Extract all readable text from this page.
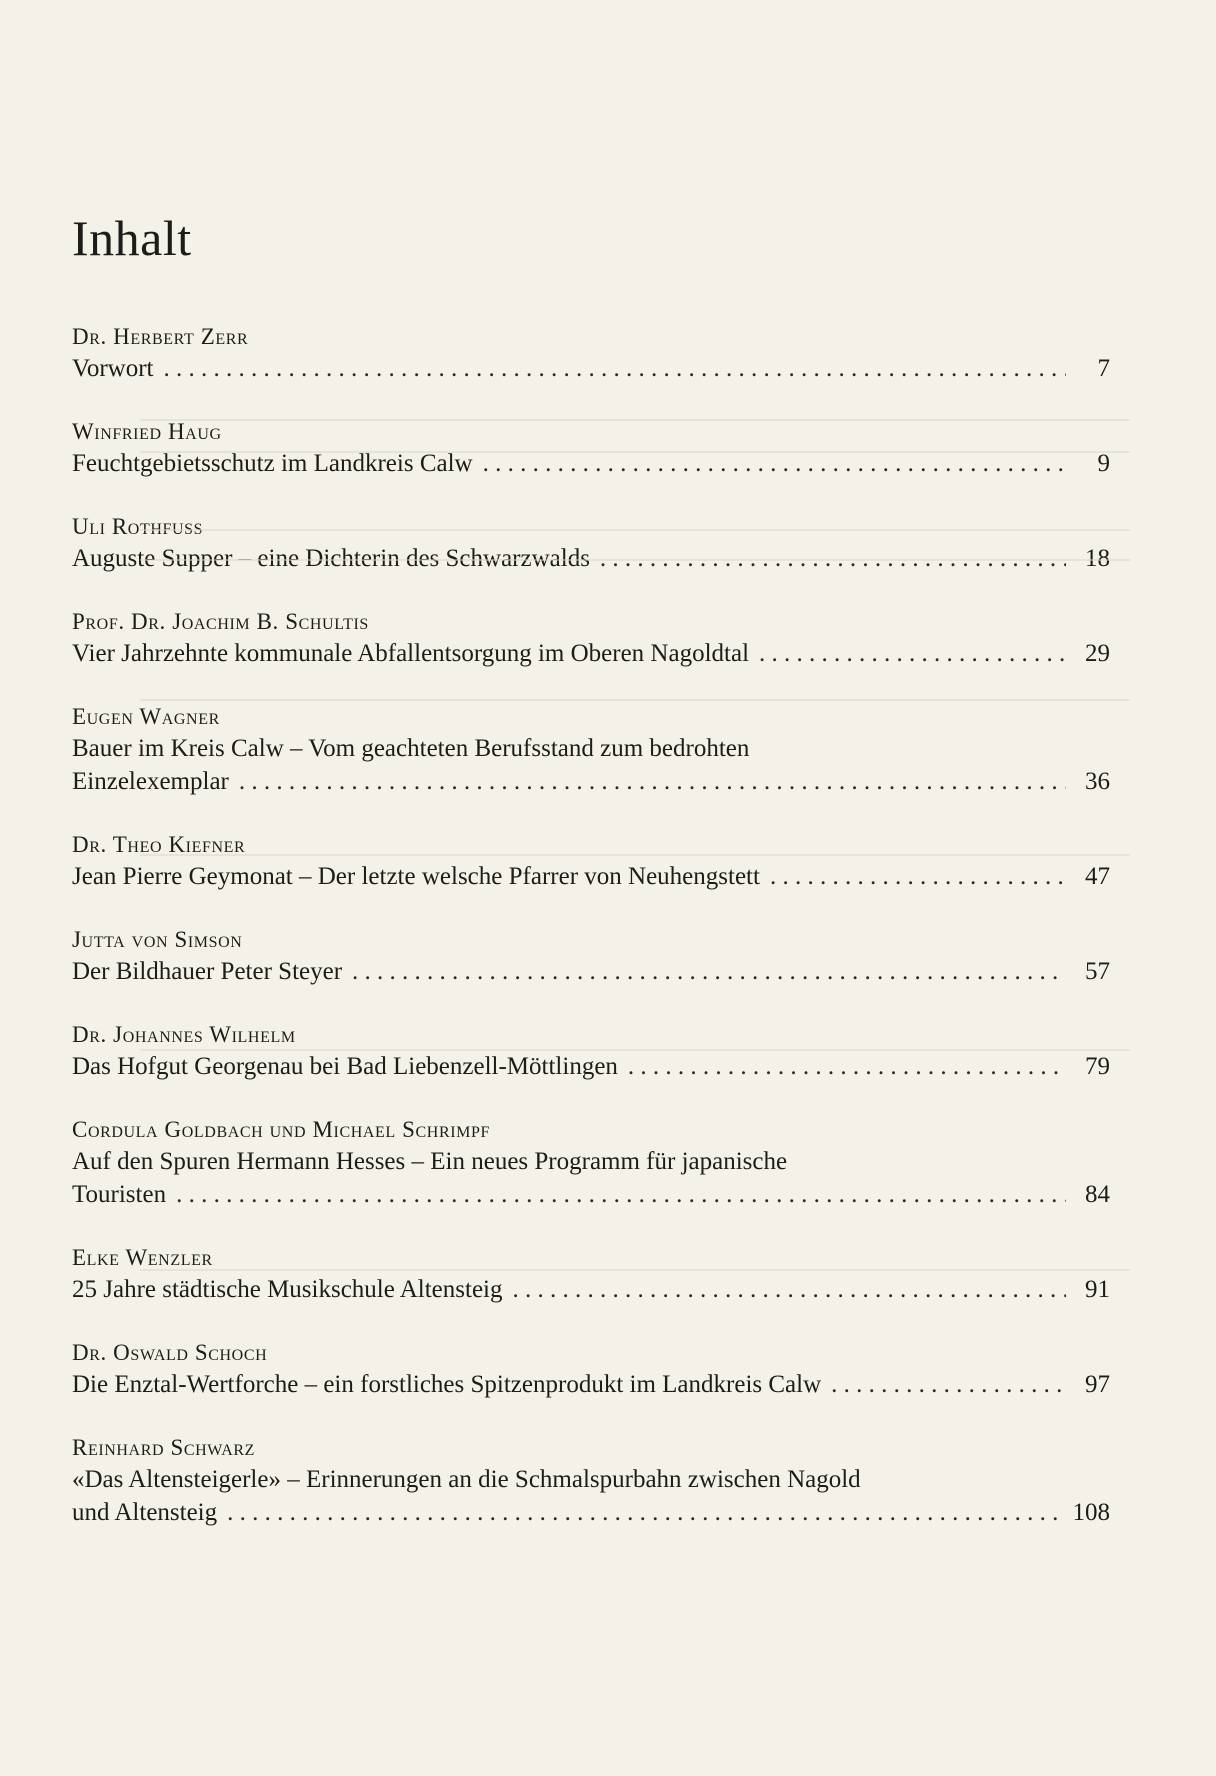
Inhalt
Dr. Herbert Zerr
Vorwort . . .	7
Winfried Haug
Feuchtgebietsschutz im Landkreis Calw . . .	9
Uli Rothfuss
Auguste Supper – eine Dichterin des Schwarzwalds . . .	18
Prof. Dr. Joachim B. Schultis
Vier Jahrzehnte kommunale Abfallentsorgung im Oberen Nagoldtal . . .	29
Eugen Wagner
Bauer im Kreis Calw – Vom geachteten Berufsstand zum bedrohten
Einzelexemplar . . .	36
Dr. Theo Kiefner
Jean Pierre Geymonat – Der letzte welsche Pfarrer von Neuhengstett . . .	47
Jutta von Simson
Der Bildhauer Peter Steyer . . .	57
Dr. Johannes Wilhelm
Das Hofgut Georgenau bei Bad Liebenzell-Möttlingen . . .	79
Cordula Goldbach und Michael Schrimpf
Auf den Spuren Hermann Hesses – Ein neues Programm für japanische
Touristen . . .	84
Elke Wenzler
25 Jahre städtische Musikschule Altensteig . . .	91
Dr. Oswald Schoch
Die Enztal-Wertforche – ein forstliches Spitzenprodukt im Landkreis Calw . . .	97
Reinhard Schwarz
«Das Altensteigerle» – Erinnerungen an die Schmalspurbahn zwischen Nagold
und Altensteig . . .	108
